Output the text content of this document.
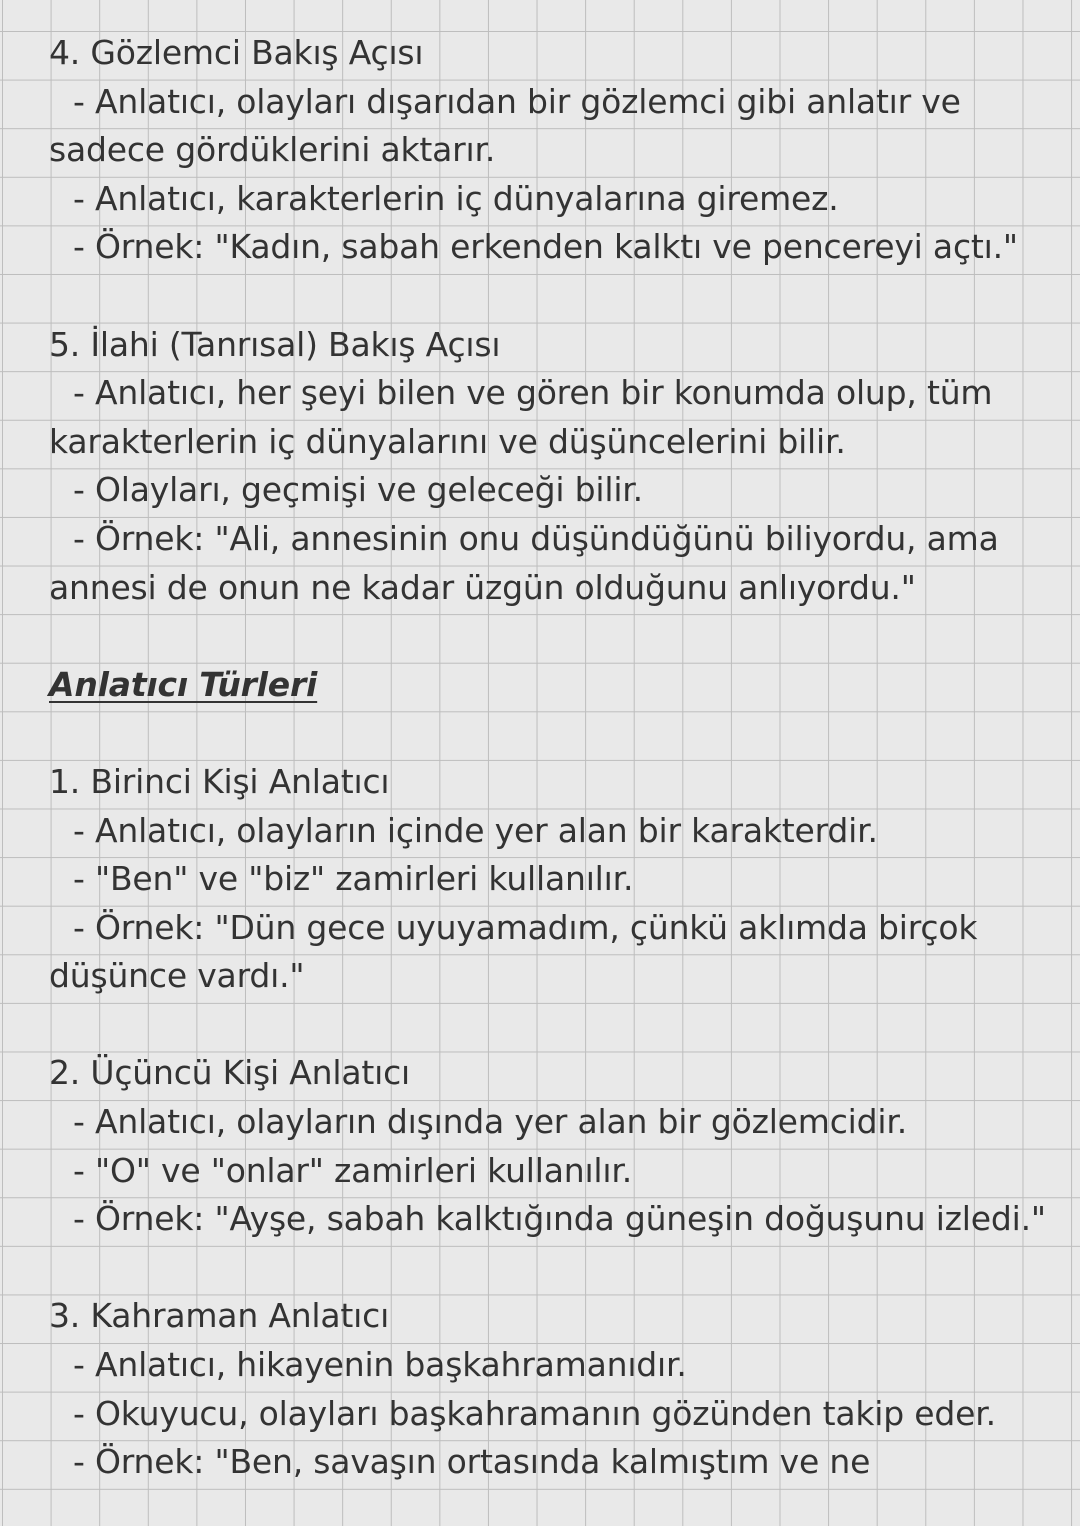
4. Gözlemci Bakış Açısı
- Anlatıcı, olayları dışarıdan bir gözlemci gibi anlatır ve
sadece gördüklerini aktarır.
- Anlatıcı, karakterlerin iç dünyalarına giremez.
- Örnek: "Kadın, sabah erkenden kalktı ve pencereyi açtı."
5. İlahi (Tanrısal) Bakış Açısı
- Anlatıcı, her şeyi bilen ve gören bir konumda olup, tüm
karakterlerin iç dünyalarını ve düşüncelerini bilir.
- Olayları, geçmişi ve geleceği bilir.
- Örnek: "Ali, annesinin onu düşündüğünü biliyordu, ama
annesi de onun ne kadar üzgün olduğunu anlıyordu."
Anlatıcı Türleri
1. Birinci Kişi Anlatıcı
- Anlatıcı, olayların içinde yer alan bir karakterdir.
- "Ben" ve "biz" zamirleri kullanılır.
- Örnek: "Dün gece uyuyamadım, çünkü aklımda birçok
düşünce vardı."
2. Üçüncü Kişi Anlatıcı
- Anlatıcı, olayların dışında yer alan bir gözlemcidir.
- "O" ve "onlar" zamirleri kullanılır.
- Örnek: "Ayşe, sabah kalktığında güneşin doğuşunu izledi."
3. Kahraman Anlatıcı
- Anlatıcı, hikayenin başkahramanıdır.
- Okuyucu, olayları başkahramanın gözünden takip eder.
- Örnek: "Ben, savaşın ortasında kalmıştım ve ne
